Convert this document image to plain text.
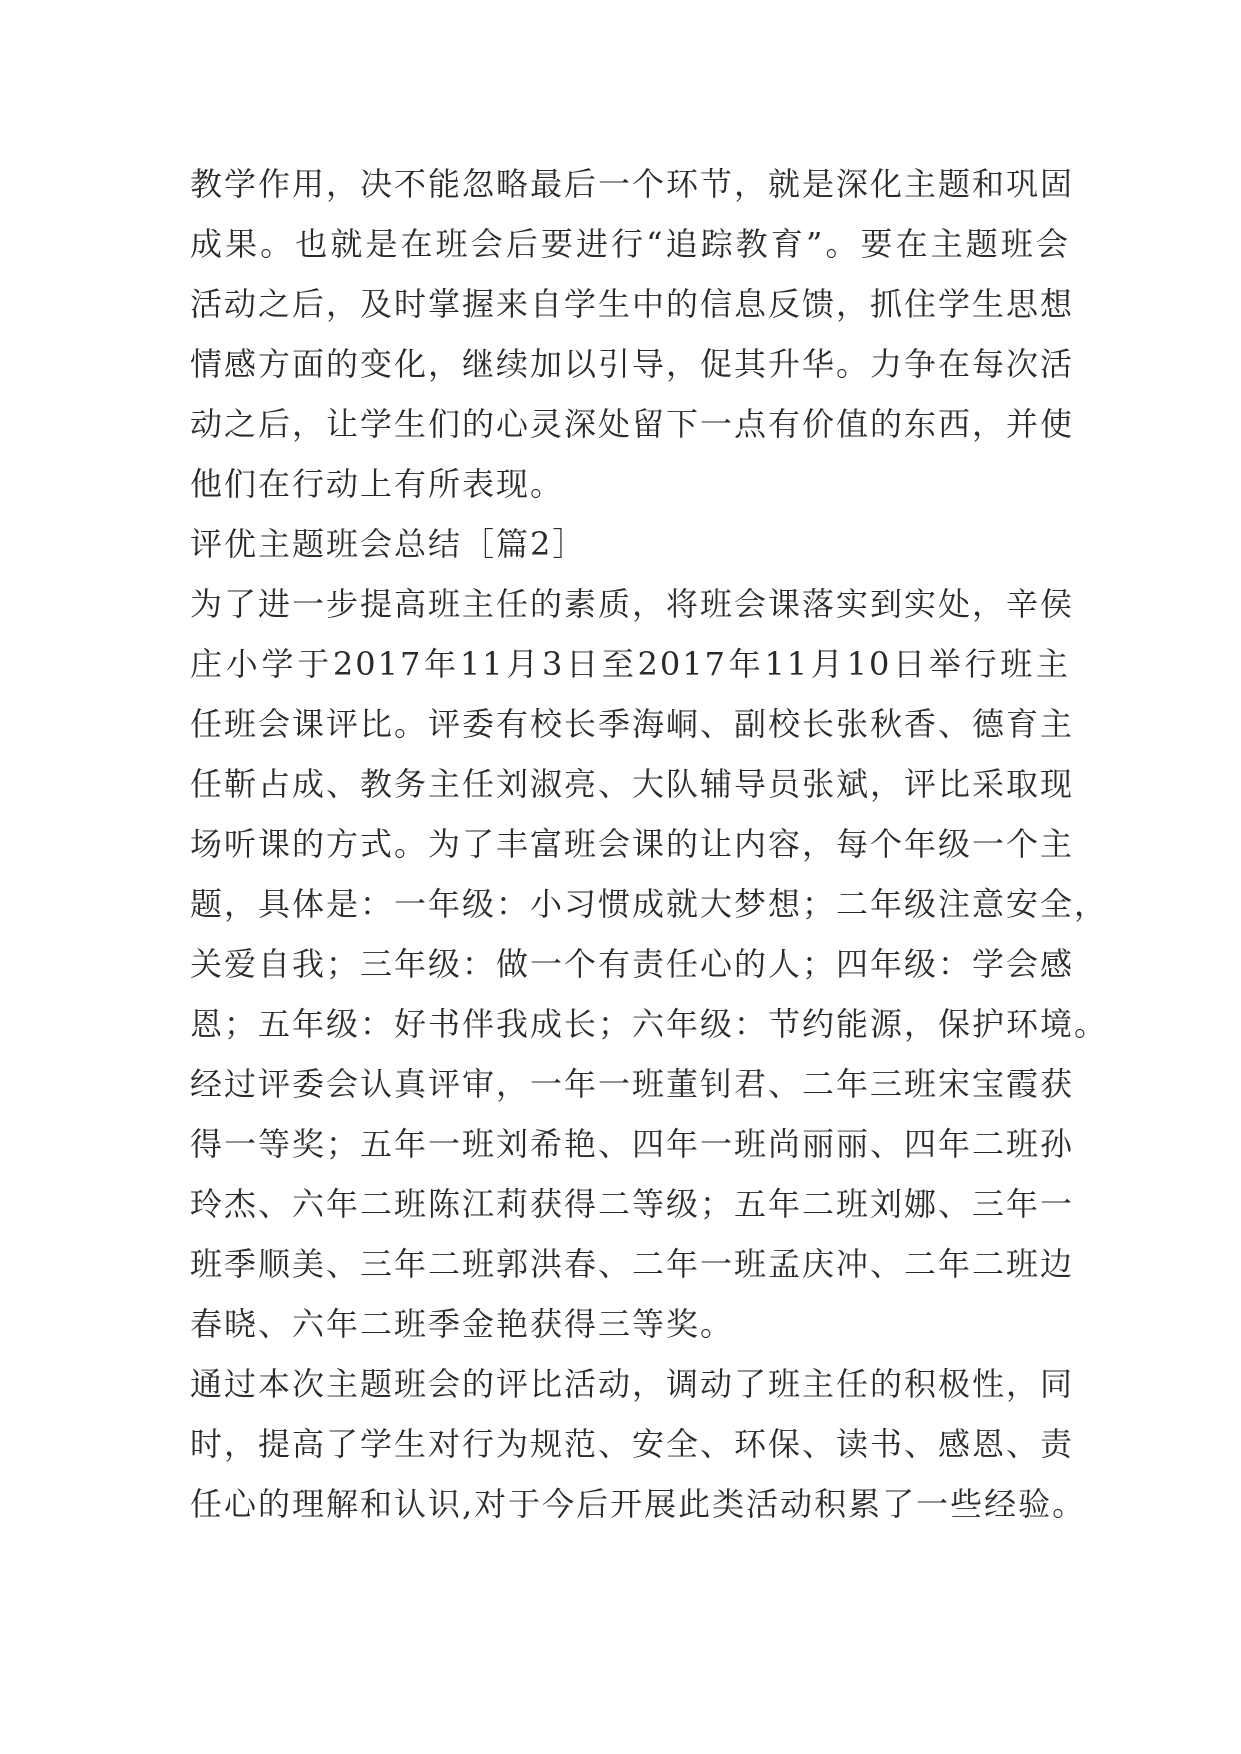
教学作用，决不能忽略最后一个环节，就是深化主题和巩固
成果。也就是在班会后要进行“追踪教育”。要在主题班会
活动之后，及时掌握来自学生中的信息反馈，抓住学生思想
情感方面的变化，继续加以引导，促其升华。力争在每次活
动之后，让学生们的心灵深处留下一点有价值的东西，并使
他们在行动上有所表现。
评优主题班会总结［篇2］
为了进一步提高班主任的素质，将班会课落实到实处，辛侯
庄小学于2017年11月3日至2017年11月10日举行班主
任班会课评比。评委有校长季海峒、副校长张秋香、德育主
任靳占成、教务主任刘淑亮、大队辅导员张斌，评比采取现
场听课的方式。为了丰富班会课的让内容，每个年级一个主
题，具体是：一年级：小习惯成就大梦想；二年级注意安全，
关爱自我；三年级：做一个有责任心的人；四年级：学会感
恩；五年级：好书伴我成长；六年级：节约能源，保护环境。
经过评委会认真评审，一年一班董钊君、二年三班宋宝霞获
得一等奖；五年一班刘希艳、四年一班尚丽丽、四年二班孙
玲杰、六年二班陈江莉获得二等级；五年二班刘娜、三年一
班季顺美、三年二班郭洪春、二年一班孟庆冲、二年二班边
春晓、六年二班季金艳获得三等奖。
通过本次主题班会的评比活动，调动了班主任的积极性，同
时，提高了学生对行为规范、安全、环保、读书、感恩、责
任心的理解和认识,对于今后开展此类活动积累了一些经验。
